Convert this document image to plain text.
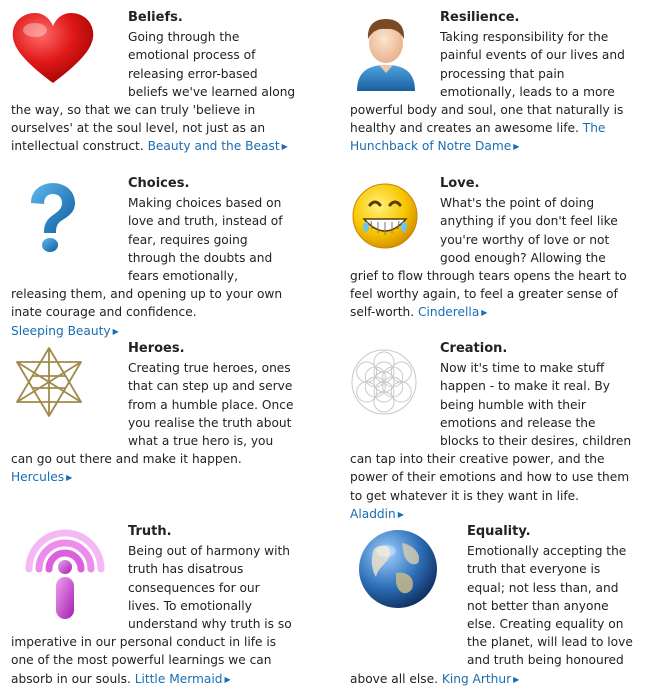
Beliefs.
Going through the emotional process of releasing error-based beliefs we've learned along the way, so that we can truly 'believe in ourselves' at the soul level, not just as an intellectual construct. Beauty and the Beast ▶
Resilience.
Taking responsibility for the painful events of our lives and processing that pain emotionally, leads to a more powerful body and soul, one that naturally is healthy and creates an awesome life. The Hunchback of Notre Dame ▶
Choices.
Making choices based on love and truth, instead of fear, requires going through the doubts and fears emotionally, releasing them, and opening up to your own inate courage and confidence. Sleeping Beauty ▶
Love.
What's the point of doing anything if you don't feel like you're worthy of love or not good enough? Allowing the grief to flow through tears opens the heart to feel worthy again, to feel a greater sense of self-worth. Cinderella ▶
Heroes.
Creating true heroes, ones that can step up and serve from a humble place. Once you realise the truth about what a true hero is, you can go out there and make it happen. Hercules ▶
Creation.
Now it's time to make stuff happen - to make it real. By being humble with their emotions and release the blocks to their desires, children can tap into their creative power, and the power of their emotions and how to use them to get whatever it is they want in life. Aladdin ▶
Truth.
Being out of harmony with truth has disatrous consequences for our lives. To emotionally understand why truth is so imperative in our personal conduct in life is one of the most powerful learnings we can absorb in our souls. Little Mermaid ▶
Equality.
Emotionally accepting the truth that everyone is equal; not less than, and not better than anyone else. Creating equality on the planet, will lead to love and truth being honoured above all else. King Arthur ▶
